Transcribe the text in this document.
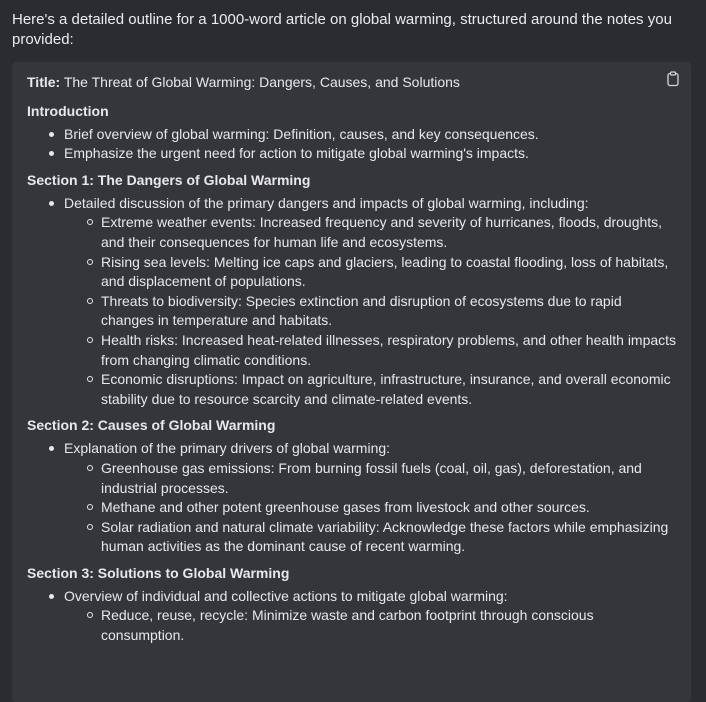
Here's a detailed outline for a 1000-word article on global warming, structured around the notes you provided:

Title: The Threat of Global Warming: Dangers, Causes, and Solutions

Introduction

Brief overview of global warming: Definition, causes, and key consequences.
Emphasize the urgent need for action to mitigate global warming's impacts.

Section 1: The Dangers of Global Warming

Detailed discussion of the primary dangers and impacts of global warming, including:
Extreme weather events: Increased frequency and severity of hurricanes, floods, droughts, and their consequences for human life and ecosystems.
Rising sea levels: Melting ice caps and glaciers, leading to coastal flooding, loss of habitats, and displacement of populations.
Threats to biodiversity: Species extinction and disruption of ecosystems due to rapid changes in temperature and habitats.
Health risks: Increased heat-related illnesses, respiratory problems, and other health impacts from changing climatic conditions.
Economic disruptions: Impact on agriculture, infrastructure, insurance, and overall economic stability due to resource scarcity and climate-related events.

Section 2: Causes of Global Warming

Explanation of the primary drivers of global warming:
Greenhouse gas emissions: From burning fossil fuels (coal, oil, gas), deforestation, and industrial processes.
Methane and other potent greenhouse gases from livestock and other sources.
Solar radiation and natural climate variability: Acknowledge these factors while emphasizing human activities as the dominant cause of recent warming.

Section 3: Solutions to Global Warming

Overview of individual and collective actions to mitigate global warming:
Reduce, reuse, recycle: Minimize waste and carbon footprint through conscious consumption.
